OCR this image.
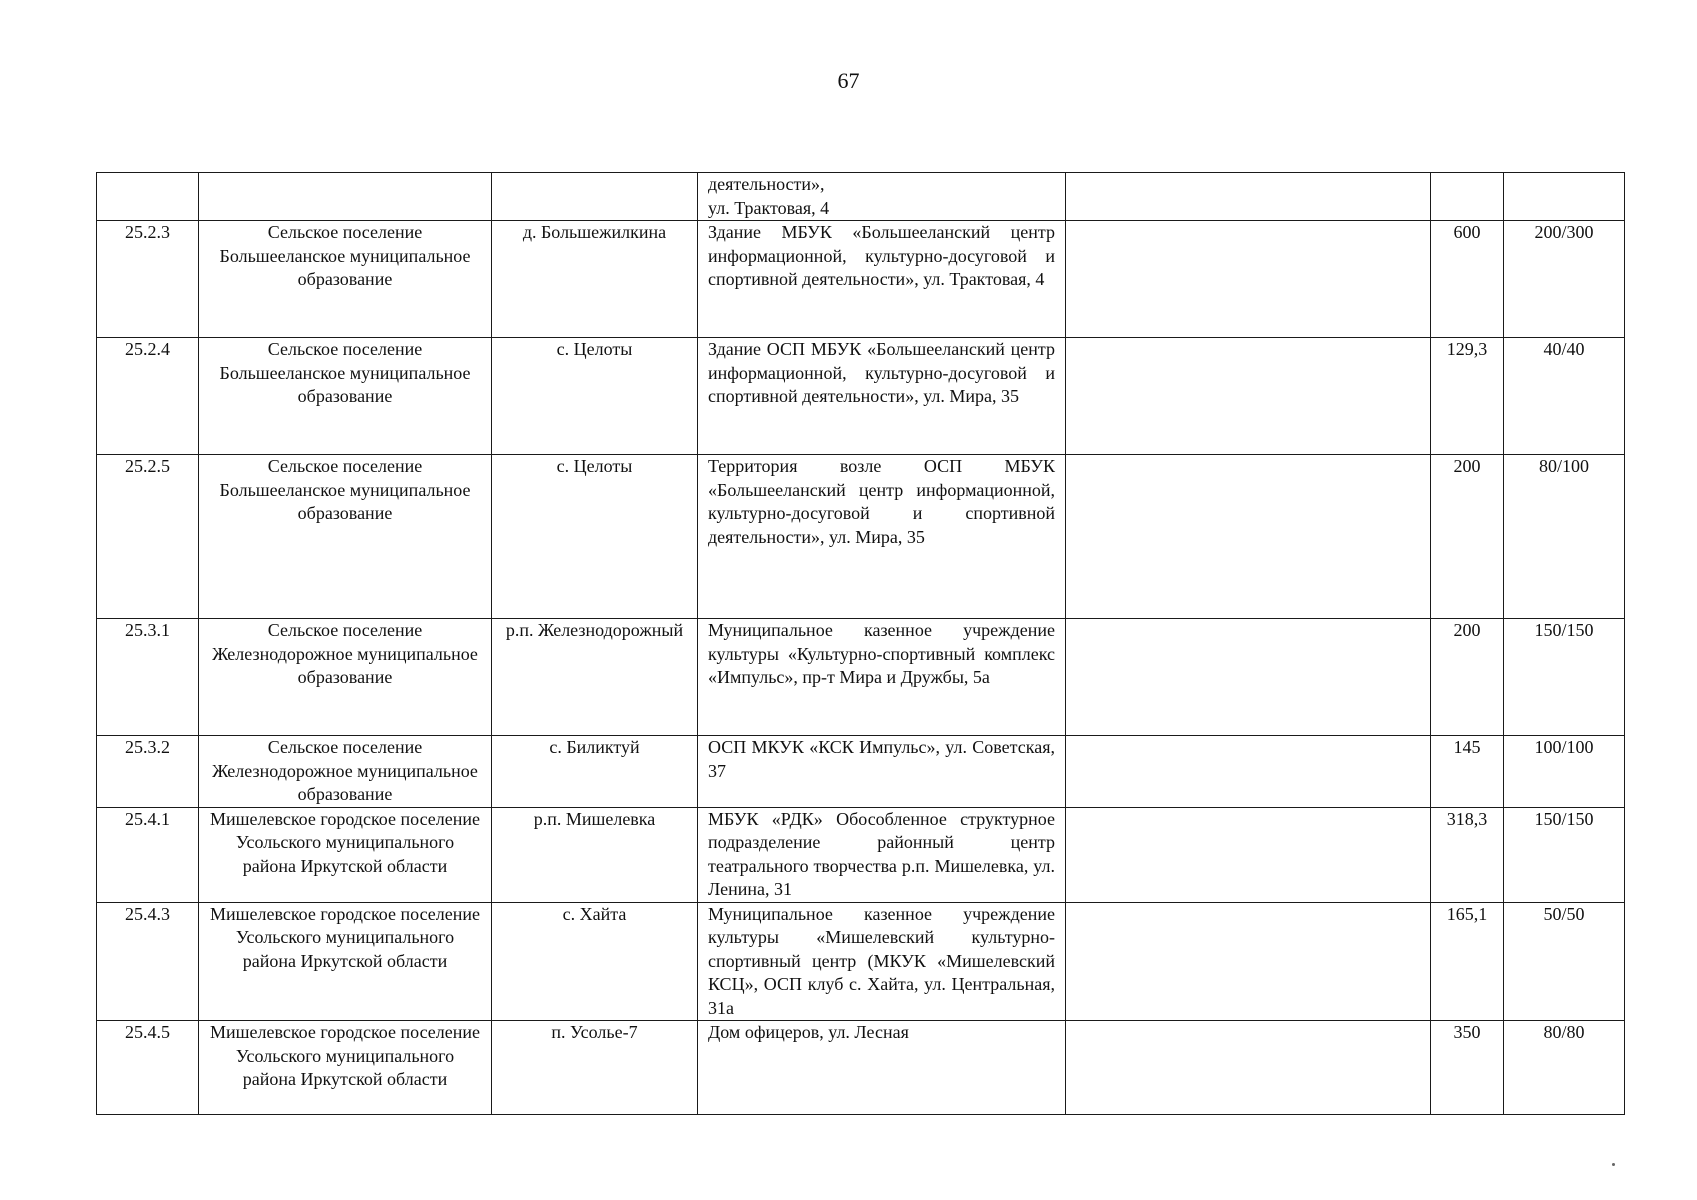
67

			деятельности»,
ул. Трактовая, 4			

25.2.3	Сельское поселение Большееланское муниципальное образование	д. Большежилкина	Здание МБУК «Большееланский центр информационной, культурно-досуговой и спортивной деятельности», ул. Трактовая, 4		600	200/300
25.2.4	Сельское поселение Большееланское муниципальное образование	с. Целоты	Здание ОСП МБУК «Большееланский центр информационной, культурно-досуговой и спортивной деятельности», ул. Мира, 35		129,3	40/40
25.2.5	Сельское поселение Большееланское муниципальное образование	с. Целоты	Территория возле ОСП МБУК «Большееланский центр информационной, культурно-досуговой и спортивной деятельности», ул. Мира, 35		200	80/100
25.3.1	Сельское поселение Железнодорожное муниципальное образование	р.п. Железнодорожный	Муниципальное казенное учреждение культуры «Культурно-спортивный комплекс «Импульс», пр-т Мира и Дружбы, 5а		200	150/150
25.3.2	Сельское поселение Железнодорожное муниципальное образование	с. Биликтуй	ОСП МКУК «КСК Импульс», ул. Советская, 37		145	100/100
25.4.1	Мишелевское городское поселение Усольского муниципального района Иркутской области	р.п. Мишелевка	МБУК «РДК» Обособленное структурное подразделение районный центр театрального творчества р.п. Мишелевка, ул. Ленина, 31		318,3	150/150
25.4.3	Мишелевское городское поселение Усольского муниципального района Иркутской области	с. Хайта	Муниципальное казенное учреждение культуры «Мишелевский культурно-спортивный центр (МКУК «Мишелевский КСЦ», ОСП клуб с. Хайта, ул. Центральная, 31а		165,1	50/50
25.4.5	Мишелевское городское поселение Усольского муниципального района Иркутской области	п. Усолье-7	Дом офицеров, ул. Лесная		350	80/80
